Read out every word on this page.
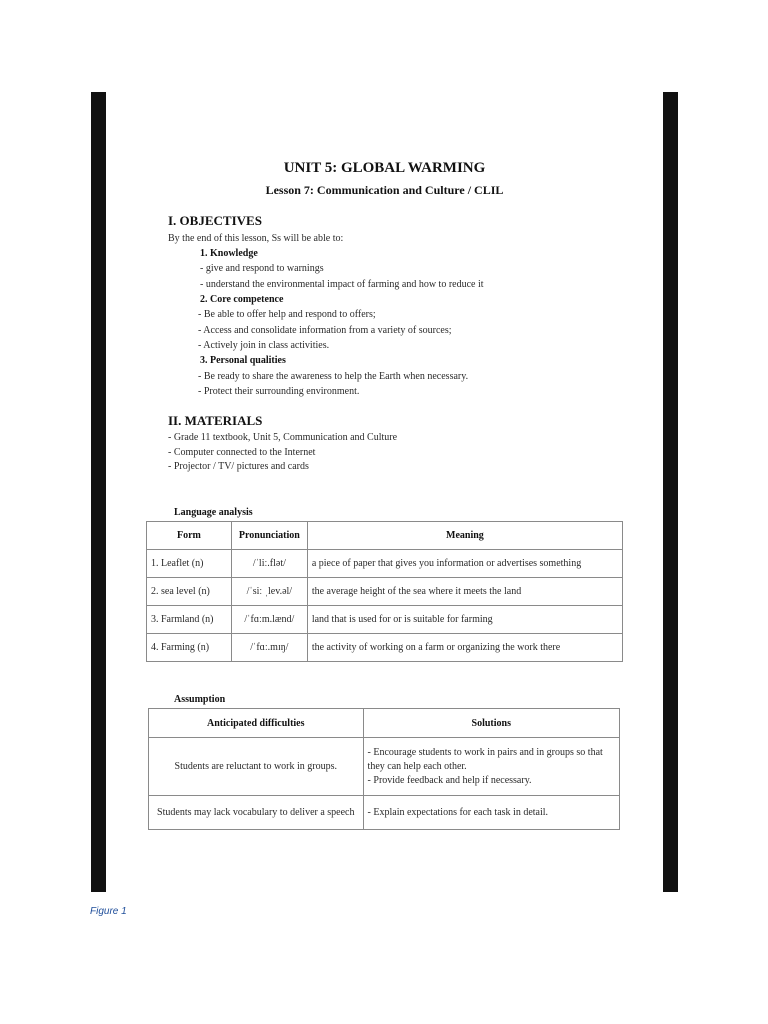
UNIT 5: GLOBAL WARMING
Lesson 7: Communication and Culture / CLIL
I. OBJECTIVES
By the end of this lesson, Ss will be able to:
1. Knowledge
- give and respond to warnings
- understand the environmental impact of farming and how to reduce it
2. Core competence
- Be able to offer help and respond to offers;
- Access and consolidate information from a variety of sources;
- Actively join in class activities.
3. Personal qualities
- Be ready to share the awareness to help the Earth when necessary.
- Protect their surrounding environment.
II. MATERIALS
- Grade 11 textbook, Unit 5, Communication and Culture
- Computer connected to the Internet
- Projector / TV/ pictures and cards
Language analysis
Form	Pronunciation	Meaning
1. Leaflet (n)	/ˈliː.flət/	a piece of paper that gives you information or advertises something
2. sea level (n)	/ˈsiː ˌlev.əl/	the average height of the sea where it meets the land
3. Farmland (n)	/ˈfɑːm.lænd/	land that is used for or is suitable for farming
4. Farming (n)	/ˈfɑː.mɪŋ/	the activity of working on a farm or organizing the work there
Assumption
Anticipated difficulties	Solutions
Students are reluctant to work in groups.	- Encourage students to work in pairs and in groups so that they can help each other.
- Provide feedback and help if necessary.

Students may lack vocabulary to deliver a speech	- Explain expectations for each task in detail.
Figure 1
